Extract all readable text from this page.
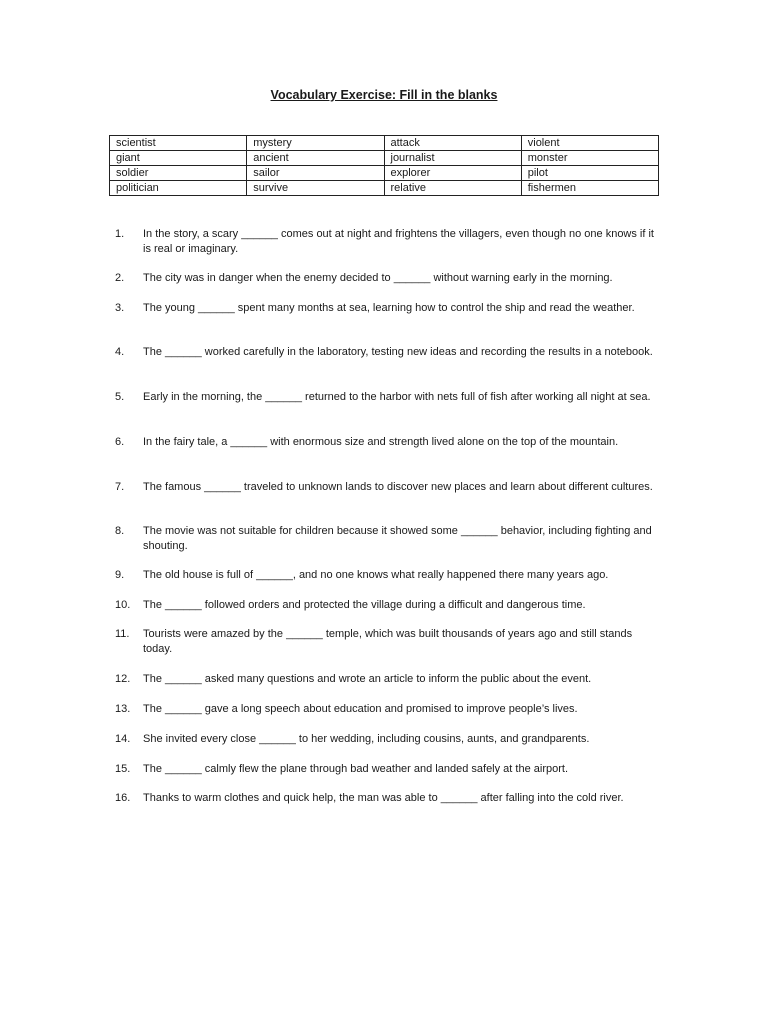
Vocabulary Exercise: Fill in the blanks
scientist	mystery	attack	violent
giant	ancient	journalist	monster
soldier	sailor	explorer	pilot
politician	survive	relative	fishermen
1. In the story, a scary ______ comes out at night and frightens the villagers, even though no one knows if it is real or imaginary.
2. The city was in danger when the enemy decided to ______ without warning early in the morning.
3. The young ______ spent many months at sea, learning how to control the ship and read the weather.
4. The ______ worked carefully in the laboratory, testing new ideas and recording the results in a notebook.
5. Early in the morning, the ______ returned to the harbor with nets full of fish after working all night at sea.
6. In the fairy tale, a ______ with enormous size and strength lived alone on the top of the mountain.
7. The famous ______ traveled to unknown lands to discover new places and learn about different cultures.
8. The movie was not suitable for children because it showed some ______ behavior, including fighting and shouting.
9. The old house is full of ______, and no one knows what really happened there many years ago.
10. The ______ followed orders and protected the village during a difficult and dangerous time.
11. Tourists were amazed by the ______ temple, which was built thousands of years ago and still stands today.
12. The ______ asked many questions and wrote an article to inform the public about the event.
13. The ______ gave a long speech about education and promised to improve people’s lives.
14. She invited every close ______ to her wedding, including cousins, aunts, and grandparents.
15. The ______ calmly flew the plane through bad weather and landed safely at the airport.
16. Thanks to warm clothes and quick help, the man was able to ______ after falling into the cold river.
